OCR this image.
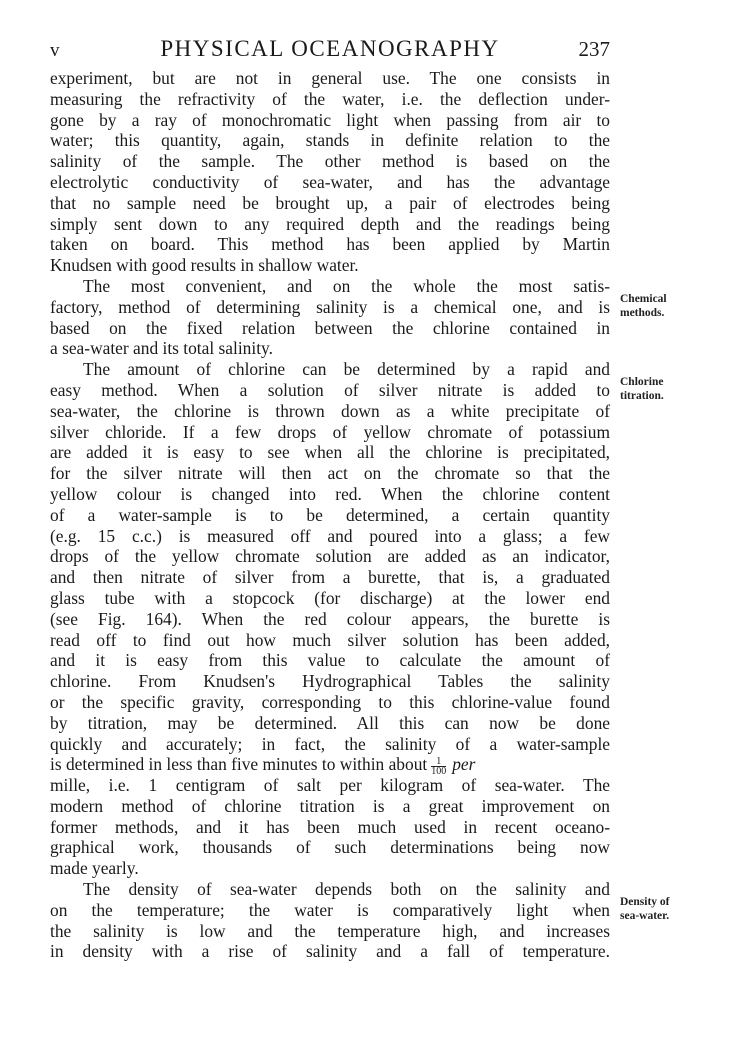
v	PHYSICAL OCEANOGRAPHY	237
experiment, but are not in general use. The one consists in
measuring the refractivity of the water, i.e. the deflection under-
gone by a ray of monochromatic light when passing from air to
water; this quantity, again, stands in definite relation to the
salinity of the sample. The other method is based on the
electrolytic conductivity of sea-water, and has the advantage
that no sample need be brought up, a pair of electrodes being
simply sent down to any required depth and the readings being
taken on board. This method has been applied by Martin
Knudsen with good results in shallow water.
The most convenient, and on the whole the most satis-
factory, method of determining salinity is a chemical one, and is
based on the fixed relation between the chlorine contained in
a sea-water and its total salinity.
The amount of chlorine can be determined by a rapid and
easy method. When a solution of silver nitrate is added to
sea-water, the chlorine is thrown down as a white precipitate of
silver chloride. If a few drops of yellow chromate of potassium
are added it is easy to see when all the chlorine is precipitated,
for the silver nitrate will then act on the chromate so that the
yellow colour is changed into red. When the chlorine content
of a water-sample is to be determined, a certain quantity
(e.g. 15 c.c.) is measured off and poured into a glass; a few
drops of the yellow chromate solution are added as an indicator,
and then nitrate of silver from a burette, that is, a graduated
glass tube with a stopcock (for discharge) at the lower end
(see Fig. 164). When the red colour appears, the burette is
read off to find out how much silver solution has been added,
and it is easy from this value to calculate the amount of
chlorine. From Knudsen's Hydrographical Tables the salinity
or the specific gravity, corresponding to this chlorine-value found
by titration, may be determined. All this can now be done
quickly and accurately; in fact, the salinity of a water-sample
is determined in less than five minutes to within about $\frac{1}{100}$ per
mille, i.e. 1 centigram of salt per kilogram of sea-water. The
modern method of chlorine titration is a great improvement on
former methods, and it has been much used in recent oceano-
graphical work, thousands of such determinations being now
made yearly.
The density of sea-water depends both on the salinity and
on the temperature; the water is comparatively light when
the salinity is low and the temperature high, and increases
in density with a rise of salinity and a fall of temperature.
Chemical
methods.
Chlorine
titration.
Density of
sea-water.
